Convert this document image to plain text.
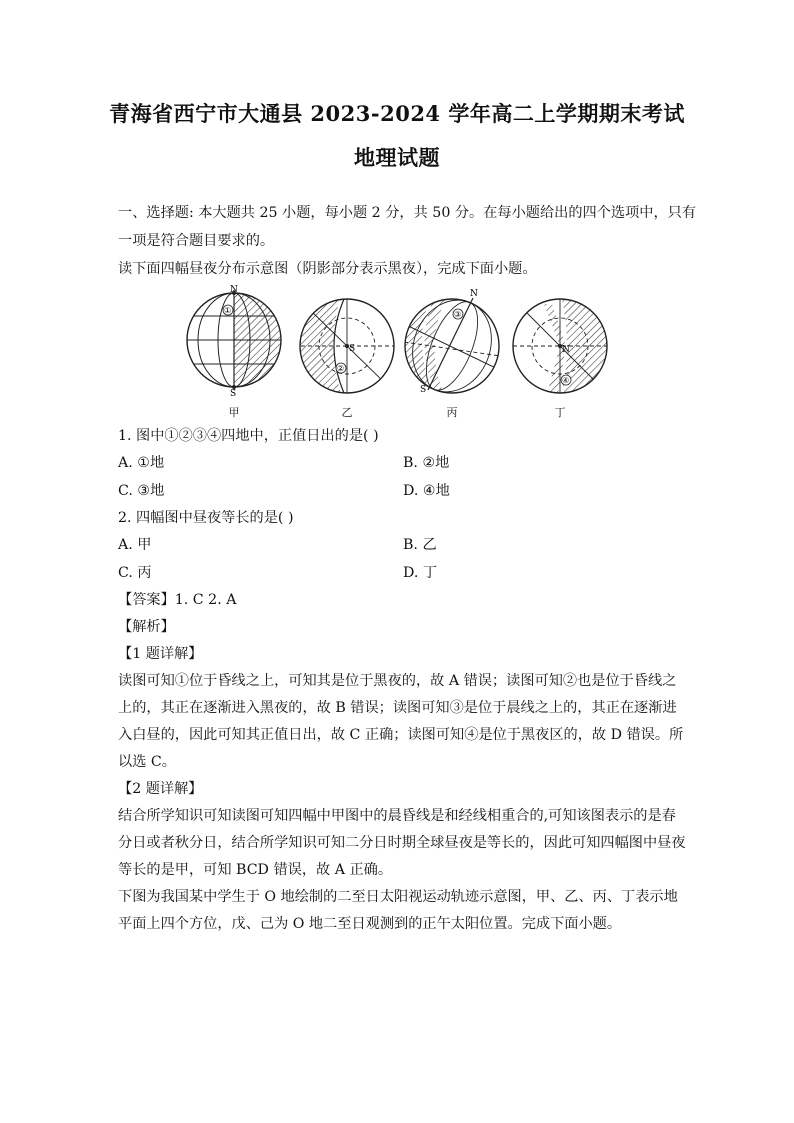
青海省西宁市大通县 2023-2024 学年高二上学期期末考试
地理试题
一、选择题: 本大题共 25 小题，每小题 2 分，共 50 分。在每小题给出的四个选项中，只有
一项是符合题目要求的。
读下面四幅昼夜分布示意图（阴影部分表示黑夜），完成下面小题。
N
S
①
S
②
N
S
③
N
④
甲	乙	丙	丁
1. 图中①②③④四地中，正值日出的是( )
A. ①地	B. ②地
C. ③地	D. ④地
2. 四幅图中昼夜等长的是( )
A. 甲	B. 乙
C. 丙	D. 丁
【答案】1. C 2. A
【解析】
【1 题详解】
读图可知①位于昏线之上，可知其是位于黑夜的，故 A 错误；读图可知②也是位于昏线之
上的，其正在逐渐进入黑夜的，故 B 错误；读图可知③是位于晨线之上的，其正在逐渐进
入白昼的，因此可知其正值日出，故 C 正确；读图可知④是位于黑夜区的，故 D 错误。所
以选 C。
【2 题详解】
结合所学知识可知读图可知四幅中甲图中的晨昏线是和经线相重合的,可知该图表示的是春
分日或者秋分日，结合所学知识可知二分日时期全球昼夜是等长的，因此可知四幅图中昼夜
等长的是甲，可知 BCD 错误，故 A 正确。
下图为我国某中学生于 O 地绘制的二至日太阳视运动轨迹示意图，甲、乙、丙、丁表示地
平面上四个方位，戊、己为 O 地二至日观测到的正午太阳位置。完成下面小题。
